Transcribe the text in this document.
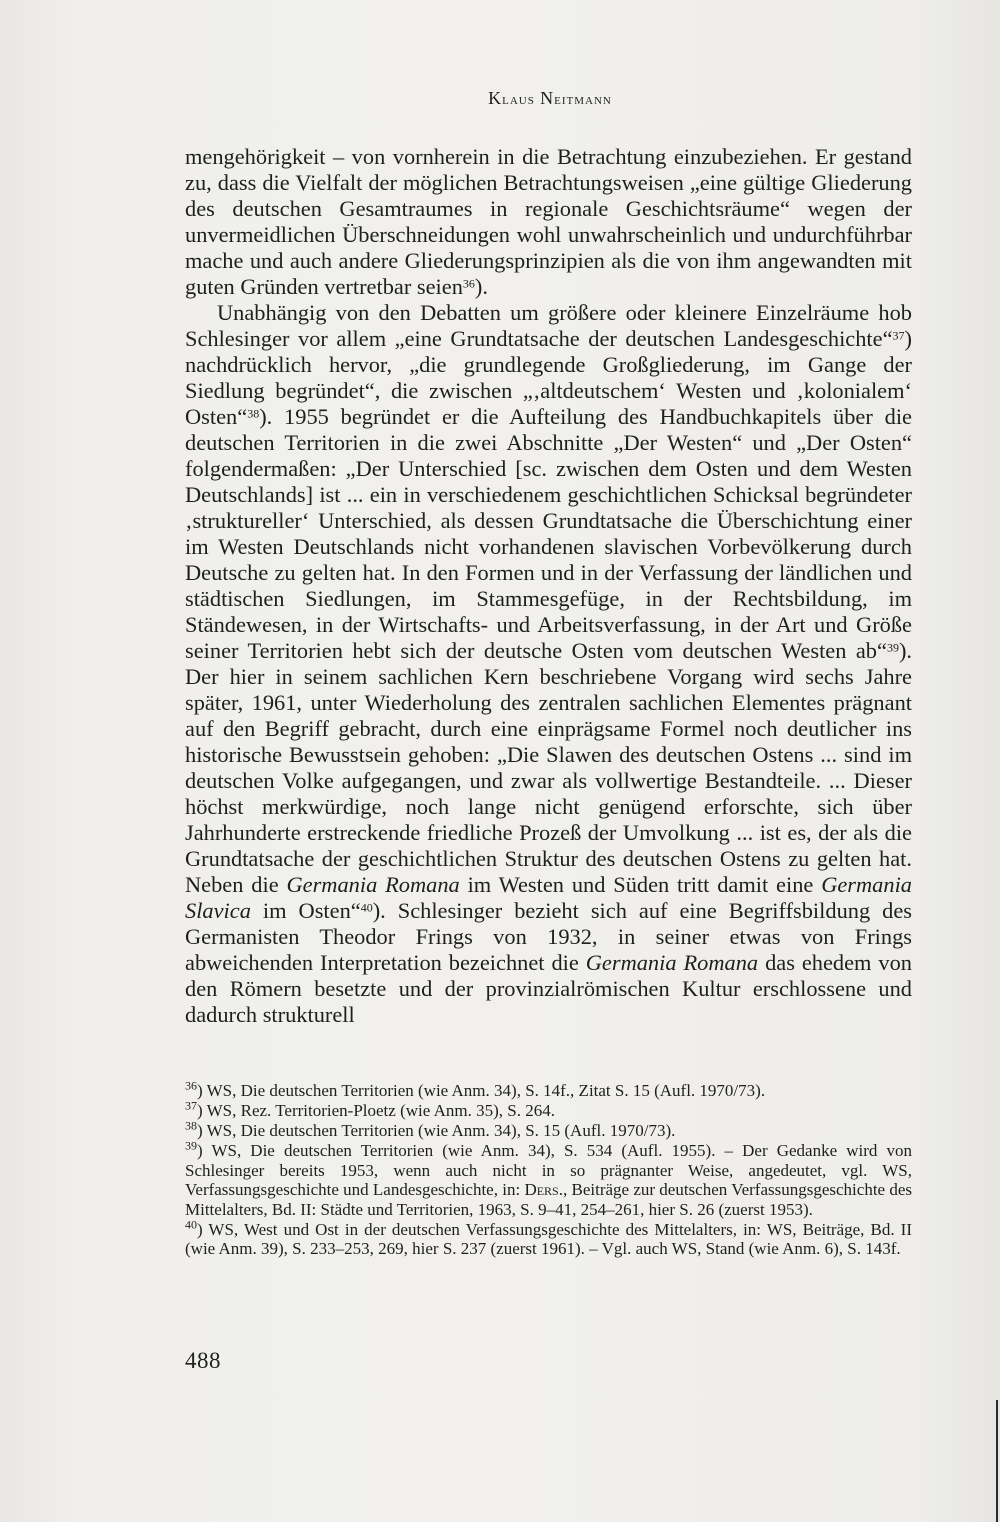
Klaus Neitmann

mengehörigkeit – von vornherein in die Betrachtung einzubeziehen. Er gestand zu, dass die Vielfalt der möglichen Betrachtungsweisen „eine gültige Gliederung des deutschen Gesamtraumes in regionale Geschichtsräume“ wegen der unvermeidlichen Überschneidungen wohl unwahrscheinlich und undurchführbar mache und auch andere Gliederungsprinzipien als die von ihm angewandten mit guten Gründen vertretbar seien$^{36}$).

Unabhängig von den Debatten um größere oder kleinere Einzelräume hob Schlesinger vor allem „eine Grundtatsache der deutschen Landesgeschichte“$^{37}$) nachdrücklich hervor, „die grundlegende Großgliederung, im Gange der Siedlung begründet“, die zwischen „‚altdeutschem‘ Westen und ‚kolonialem‘ Osten“$^{38}$). 1955 begründet er die Aufteilung des Handbuchkapitels über die deutschen Territorien in die zwei Abschnitte „Der Westen“ und „Der Osten“ folgendermaßen: „Der Unterschied [sc. zwischen dem Osten und dem Westen Deutschlands] ist ... ein in verschiedenem geschichtlichen Schicksal begründeter ‚struktureller‘ Unterschied, als dessen Grundtatsache die Überschichtung einer im Westen Deutschlands nicht vorhandenen slavischen Vorbevölkerung durch Deutsche zu gelten hat. In den Formen und in der Verfassung der ländlichen und städtischen Siedlungen, im Stammesgefüge, in der Rechtsbildung, im Ständewesen, in der Wirtschafts- und Arbeitsverfassung, in der Art und Größe seiner Territorien hebt sich der deutsche Osten vom deutschen Westen ab“$^{39}$). Der hier in seinem sachlichen Kern beschriebene Vorgang wird sechs Jahre später, 1961, unter Wiederholung des zentralen sachlichen Elementes prägnant auf den Begriff gebracht, durch eine einprägsame Formel noch deutlicher ins historische Bewusstsein gehoben: „Die Slawen des deutschen Ostens ... sind im deutschen Volke aufgegangen, und zwar als vollwertige Bestandteile. ... Dieser höchst merkwürdige, noch lange nicht genügend erforschte, sich über Jahrhunderte erstreckende friedliche Prozeß der Umvolkung ... ist es, der als die Grundtatsache der geschichtlichen Struktur des deutschen Ostens zu gelten hat. Neben die Germania Romana im Westen und Süden tritt damit eine Germania Slavica im Osten“$^{40}$). Schlesinger bezieht sich auf eine Begriffsbildung des Germanisten Theodor Frings von 1932, in seiner etwas von Frings abweichenden Interpretation bezeichnet die Germania Romana das ehedem von den Römern besetzte und der provinzialrömischen Kultur erschlossene und dadurch strukturell

$^{36}$) WS, Die deutschen Territorien (wie Anm. 34), S. 14f., Zitat S. 15 (Aufl. 1970/73).

$^{37}$) WS, Rez. Territorien-Ploetz (wie Anm. 35), S. 264.

$^{38}$) WS, Die deutschen Territorien (wie Anm. 34), S. 15 (Aufl. 1970/73).

$^{39}$) WS, Die deutschen Territorien (wie Anm. 34), S. 534 (Aufl. 1955). – Der Gedanke wird von Schlesinger bereits 1953, wenn auch nicht in so prägnanter Weise, angedeutet, vgl. WS, Verfassungsgeschichte und Landesgeschichte, in: Ders., Beiträge zur deutschen Verfassungsgeschichte des Mittelalters, Bd. II: Städte und Territorien, 1963, S. 9–41, 254–261, hier S. 26 (zuerst 1953).

$^{40}$) WS, West und Ost in der deutschen Verfassungsgeschichte des Mittelalters, in: WS, Beiträge, Bd. II (wie Anm. 39), S. 233–253, 269, hier S. 237 (zuerst 1961). – Vgl. auch WS, Stand (wie Anm. 6), S. 143f.

488
